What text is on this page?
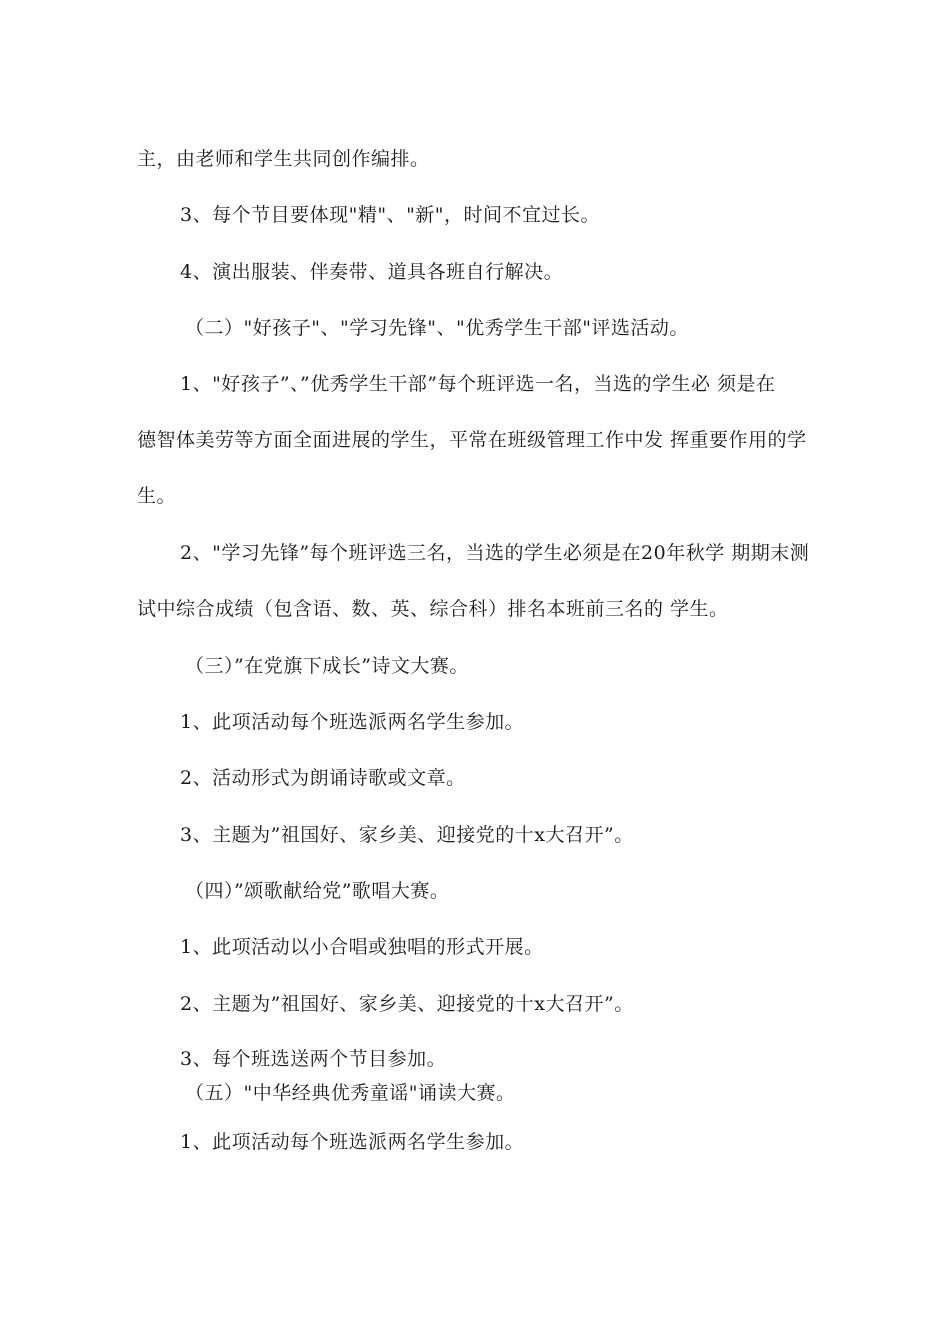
主，由老师和学生共同创作编排。
3、每个节目要体现"精"、"新"，时间不宜过长。
4、演出服装、伴奏带、道具各班自行解决。
（二）"好孩子"、"学习先锋"、"优秀学生干部"评选活动。
1、"好孩子”、”优秀学生干部”每个班评选一名，当选的学生必 须是在
德智体美劳等方面全面进展的学生，平常在班级管理工作中发 挥重要作用的学
生。
2、"学习先锋”每个班评选三名，当选的学生必须是在20年秋学 期期末测
试中综合成绩（包含语、数、英、综合科）排名本班前三名的 学生。
（三）”在党旗下成长”诗文大赛。
1、此项活动每个班选派两名学生参加。
2、活动形式为朗诵诗歌或文章。
3、主题为”祖国好、家乡美、迎接党的十x大召开”。
（四）”颂歌献给党”歌唱大赛。
1、此项活动以小合唱或独唱的形式开展。
2、主题为”祖国好、家乡美、迎接党的十x大召开”。
3、每个班选送两个节目参加。
（五）"中华经典优秀童谣"诵读大赛。
1、此项活动每个班选派两名学生参加。
